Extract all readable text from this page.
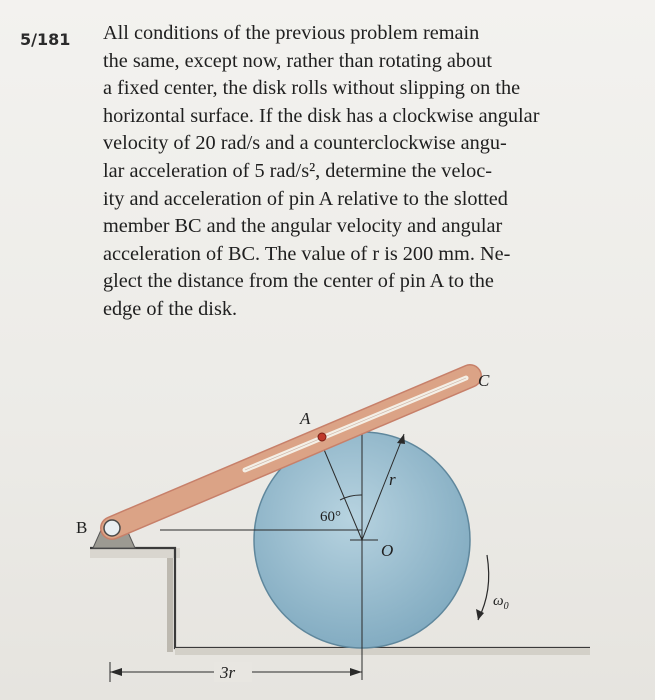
5/181 All conditions of the previous problem remain
the same, except now, rather than rotating about
a fixed center, the disk rolls without slipping on the
horizontal surface. If the disk has a clockwise angular
velocity of 20 rad/s and a counterclockwise angu-
lar acceleration of 5 rad/s², determine the veloc-
ity and acceleration of pin A relative to the slotted
member BC and the angular velocity and angular
acceleration of BC. The value of r is 200 mm. Ne-
glect the distance from the center of pin A to the
edge of the disk.
B
C
A
O
r
60°
$\omega_0$
3r
